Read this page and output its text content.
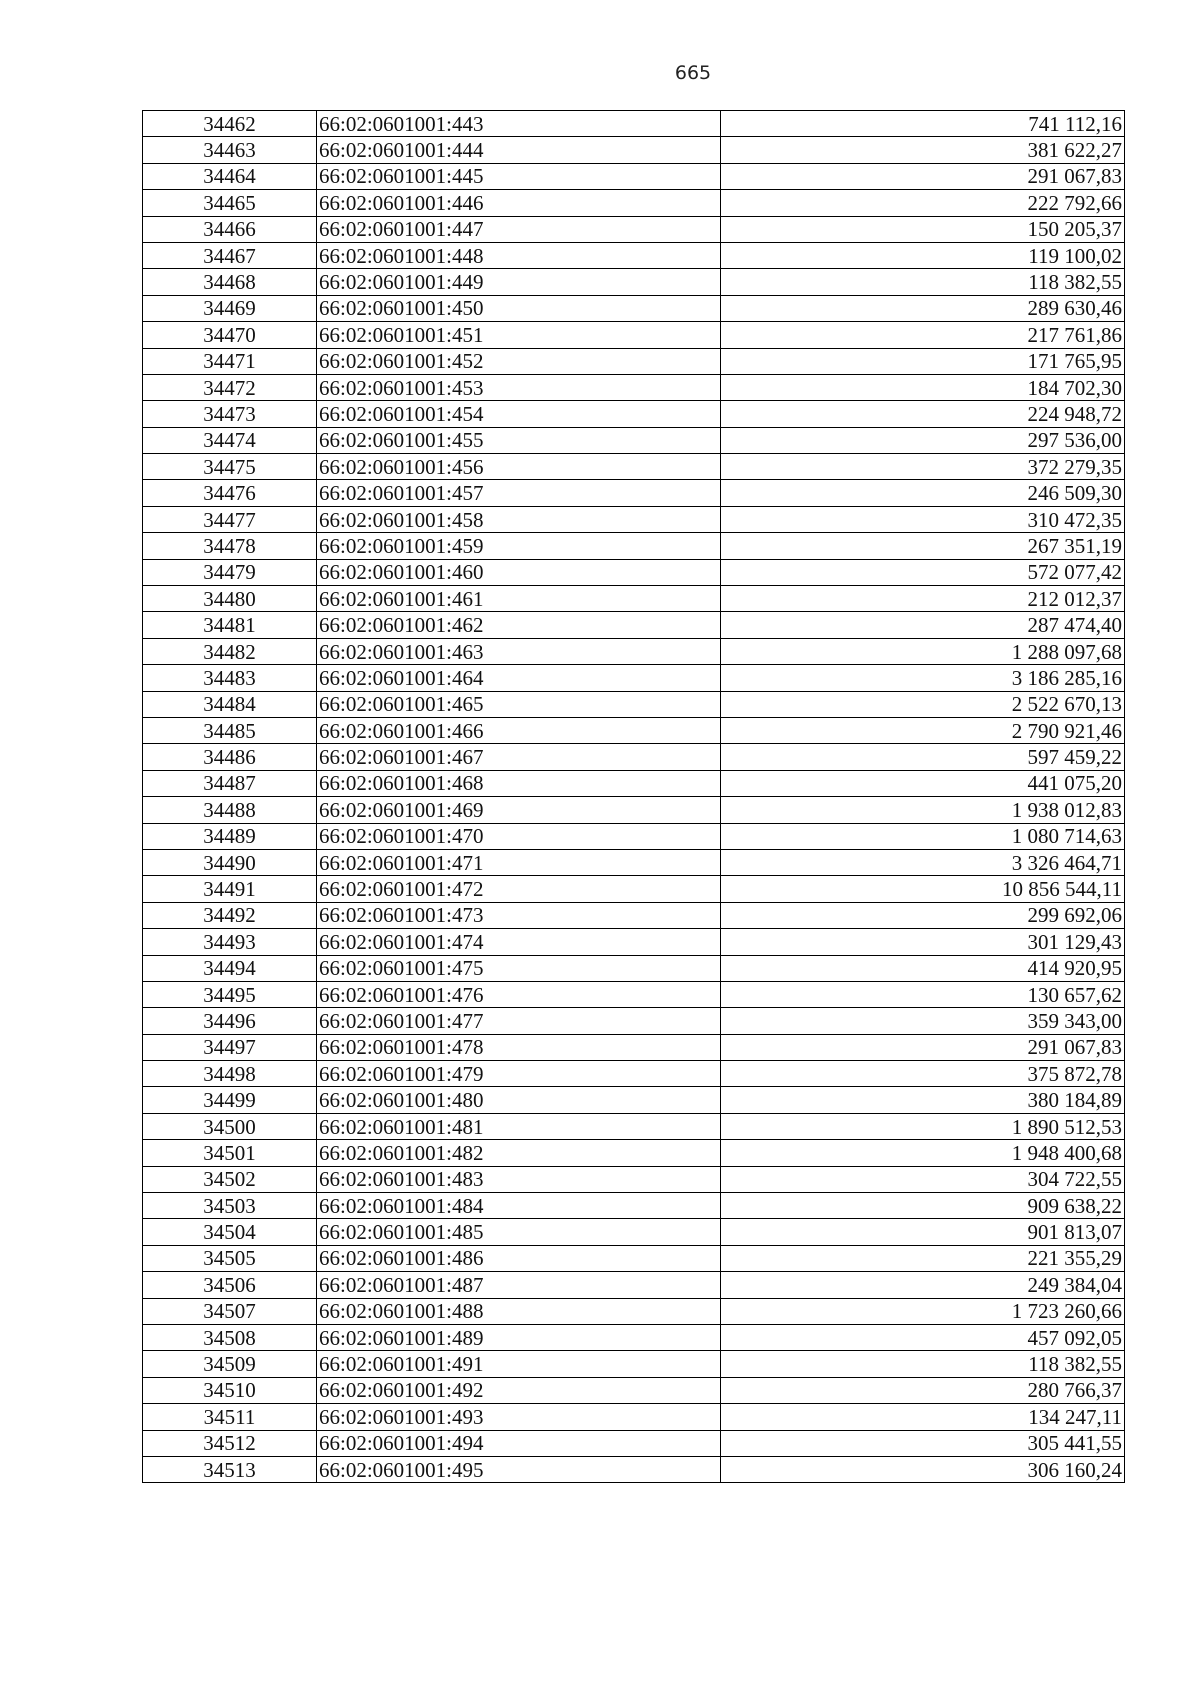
665
34462	66:02:0601001:443	741 112,16
34463	66:02:0601001:444	381 622,27
34464	66:02:0601001:445	291 067,83
34465	66:02:0601001:446	222 792,66
34466	66:02:0601001:447	150 205,37
34467	66:02:0601001:448	119 100,02
34468	66:02:0601001:449	118 382,55
34469	66:02:0601001:450	289 630,46
34470	66:02:0601001:451	217 761,86
34471	66:02:0601001:452	171 765,95
34472	66:02:0601001:453	184 702,30
34473	66:02:0601001:454	224 948,72
34474	66:02:0601001:455	297 536,00
34475	66:02:0601001:456	372 279,35
34476	66:02:0601001:457	246 509,30
34477	66:02:0601001:458	310 472,35
34478	66:02:0601001:459	267 351,19
34479	66:02:0601001:460	572 077,42
34480	66:02:0601001:461	212 012,37
34481	66:02:0601001:462	287 474,40
34482	66:02:0601001:463	1 288 097,68
34483	66:02:0601001:464	3 186 285,16
34484	66:02:0601001:465	2 522 670,13
34485	66:02:0601001:466	2 790 921,46
34486	66:02:0601001:467	597 459,22
34487	66:02:0601001:468	441 075,20
34488	66:02:0601001:469	1 938 012,83
34489	66:02:0601001:470	1 080 714,63
34490	66:02:0601001:471	3 326 464,71
34491	66:02:0601001:472	10 856 544,11
34492	66:02:0601001:473	299 692,06
34493	66:02:0601001:474	301 129,43
34494	66:02:0601001:475	414 920,95
34495	66:02:0601001:476	130 657,62
34496	66:02:0601001:477	359 343,00
34497	66:02:0601001:478	291 067,83
34498	66:02:0601001:479	375 872,78
34499	66:02:0601001:480	380 184,89
34500	66:02:0601001:481	1 890 512,53
34501	66:02:0601001:482	1 948 400,68
34502	66:02:0601001:483	304 722,55
34503	66:02:0601001:484	909 638,22
34504	66:02:0601001:485	901 813,07
34505	66:02:0601001:486	221 355,29
34506	66:02:0601001:487	249 384,04
34507	66:02:0601001:488	1 723 260,66
34508	66:02:0601001:489	457 092,05
34509	66:02:0601001:491	118 382,55
34510	66:02:0601001:492	280 766,37
34511	66:02:0601001:493	134 247,11
34512	66:02:0601001:494	305 441,55
34513	66:02:0601001:495	306 160,24
